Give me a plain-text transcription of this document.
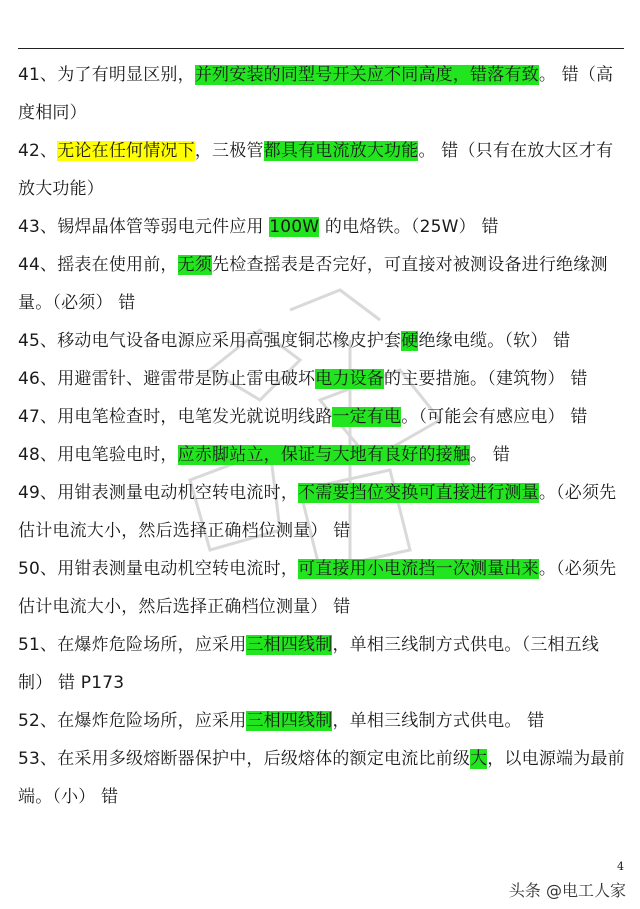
41、为了有明显区别，并列安装的同型号开关应不同高度，错落有致。 错（高度相同）
42、无论在任何情况下，三极管都具有电流放大功能。 错（只有在放大区才有放大功能）
43、锡焊晶体管等弱电元件应用 100W 的电烙铁。（25W） 错
44、摇表在使用前，无须先检查摇表是否完好，可直接对被测设备进行绝缘测量。（必须） 错
45、移动电气设备电源应采用高强度铜芯橡皮护套硬绝缘电缆。（软） 错
46、用避雷针、避雷带是防止雷电破坏电力设备的主要措施。（建筑物） 错
47、用电笔检查时，电笔发光就说明线路一定有电。（可能会有感应电） 错
48、用电笔验电时，应赤脚站立，保证与大地有良好的接触。 错
49、用钳表测量电动机空转电流时，不需要挡位变换可直接进行测量。（必须先估计电流大小，然后选择正确档位测量） 错
50、用钳表测量电动机空转电流时，可直接用小电流挡一次测量出来。（必须先估计电流大小，然后选择正确档位测量） 错
51、在爆炸危险场所，应采用三相四线制，单相三线制方式供电。（三相五线制） 错 P173
52、在爆炸危险场所，应采用三相四线制，单相三线制方式供电。 错
53、在采用多级熔断器保护中，后级熔体的额定电流比前级大，以电源端为最前端。（小） 错
4
头条 @电工人家
